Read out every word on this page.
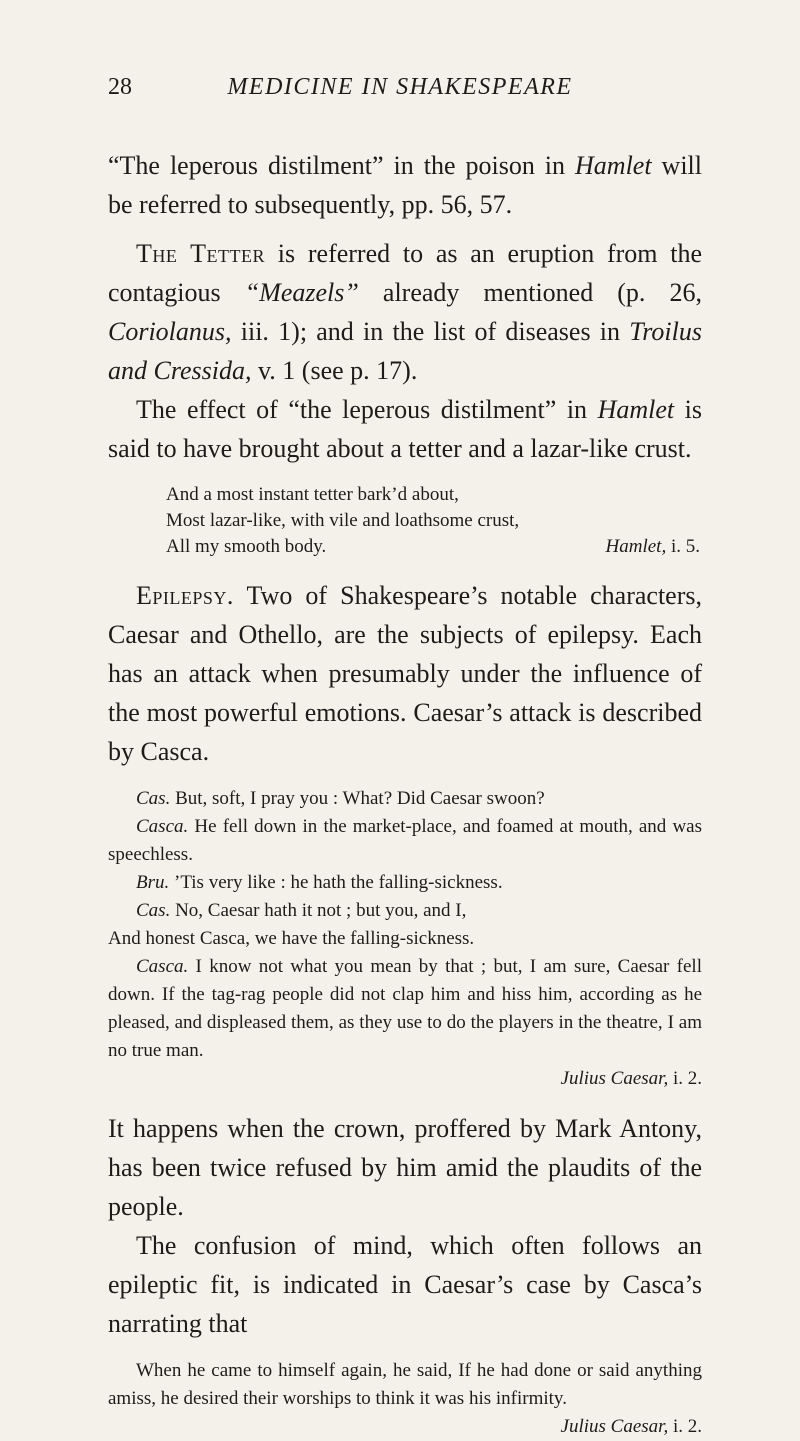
28	MEDICINE IN SHAKESPEARE

“The leperous distilment” in the poison in Hamlet will be referred to subsequently, pp. 56, 57.

The Tetter is referred to as an eruption from the contagious “Meazels” already mentioned (p. 26, Coriolanus, iii. 1); and in the list of diseases in Troilus and Cressida, v. 1 (see p. 17).

The effect of “the leperous distilment” in Hamlet is said to have brought about a tetter and a lazar-like crust.

And a most instant tetter bark’d about,
Most lazar-like, with vile and loathsome crust,
All my smooth body.	Hamlet, i. 5.

Epilepsy. Two of Shakespeare’s notable characters, Caesar and Othello, are the subjects of epilepsy. Each has an attack when presumably under the influence of the most powerful emotions. Caesar’s attack is described by Casca.

Cas. But, soft, I pray you : What? Did Caesar swoon?

Casca. He fell down in the market-place, and foamed at mouth, and was speechless.

Bru. ’Tis very like : he hath the falling-sickness.

Cas. No, Caesar hath it not ; but you, and I,

And honest Casca, we have the falling-sickness.

Casca. I know not what you mean by that ; but, I am sure, Caesar fell down. If the tag-rag people did not clap him and hiss him, according as he pleased, and displeased them, as they use to do the players in the theatre, I am no true man.

Julius Caesar, i. 2.

It happens when the crown, proffered by Mark Antony, has been twice refused by him amid the plaudits of the people.

The confusion of mind, which often follows an epileptic fit, is indicated in Caesar’s case by Casca’s narrating that

When he came to himself again, he said, If he had done or said anything amiss, he desired their worships to think it was his infirmity.

Julius Caesar, i. 2.
